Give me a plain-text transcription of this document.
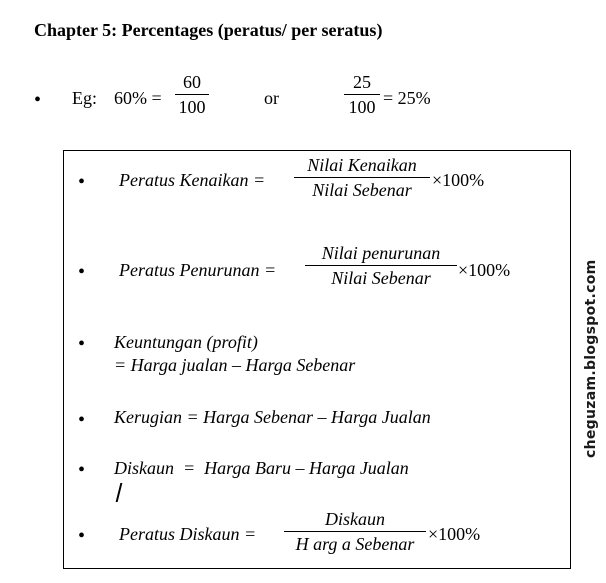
Chapter 5: Percentages (peratus/ per seratus)
• Eg: 60% =
60
100	or
25
100 = 25%
• Peratus Kenaikan =
Nilai Kenaikan
Nilai Sebenar ×100%
• Peratus Penurunan =
Nilai penurunan
Nilai Sebenar ×100%
• Keuntungan (profit)
= Harga jualan – Harga Sebenar
• Kerugian = Harga Sebenar – Harga Jualan
• Diskaun  =  Harga Baru – Harga Jualan
• Peratus Diskaun =
Diskaun
H arg a Sebenar ×100%
cheguzam.blogspot.com
